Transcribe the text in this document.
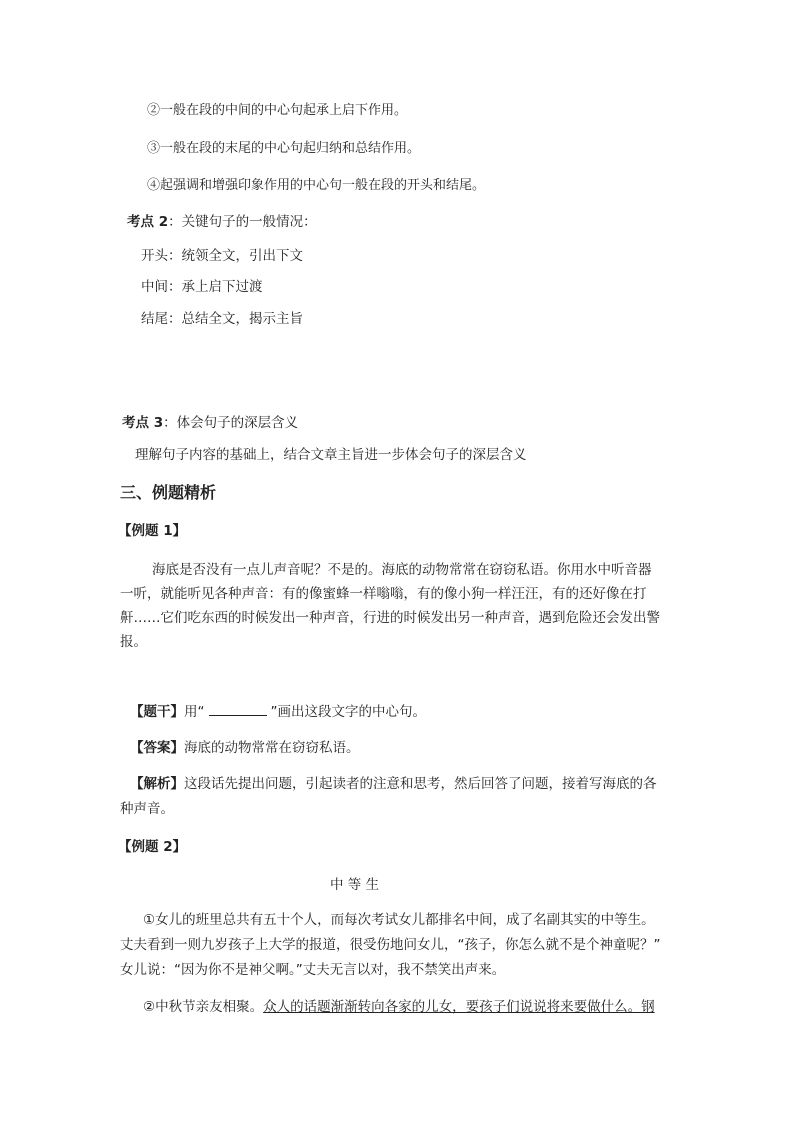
②一般在段的中间的中心句起承上启下作用。
③一般在段的末尾的中心句起归纳和总结作用。
④起强调和增强印象作用的中心句一般在段的开头和结尾。
考点 2：关键句子的一般情况：
开头：统领全文，引出下文
中间：承上启下过渡
结尾：总结全文，揭示主旨
考点 3：体会句子的深层含义
理解句子内容的基础上，结合文章主旨进一步体会句子的深层含义
三、例题精析
【例题 1】
海底是否没有一点儿声音呢？不是的。海底的动物常常在窃窃私语。你用水中听音器
一听，就能听见各种声音：有的像蜜蜂一样嗡嗡，有的像小狗一样汪汪，有的还好像在打
鼾……它们吃东西的时候发出一种声音，行进的时候发出另一种声音，遇到危险还会发出警
报。
【题干】用“	”画出这段文字的中心句。
【答案】海底的动物常常在窃窃私语。
【解析】这段话先提出问题，引起读者的注意和思考，然后回答了问题，接着写海底的各
种声音。
【例题 2】
中 等 生
①女儿的班里总共有五十个人，而每次考试女儿都排名中间，成了名副其实的中等生。
丈夫看到一则九岁孩子上大学的报道，很受伤地问女儿，“孩子，你怎么就不是个神童呢？”
女儿说：“因为你不是神父啊。”丈夫无言以对，我不禁笑出声来。
②中秋节亲友相聚。众人的话题渐渐转向各家的儿女，要孩子们说说将来要做什么。钢
